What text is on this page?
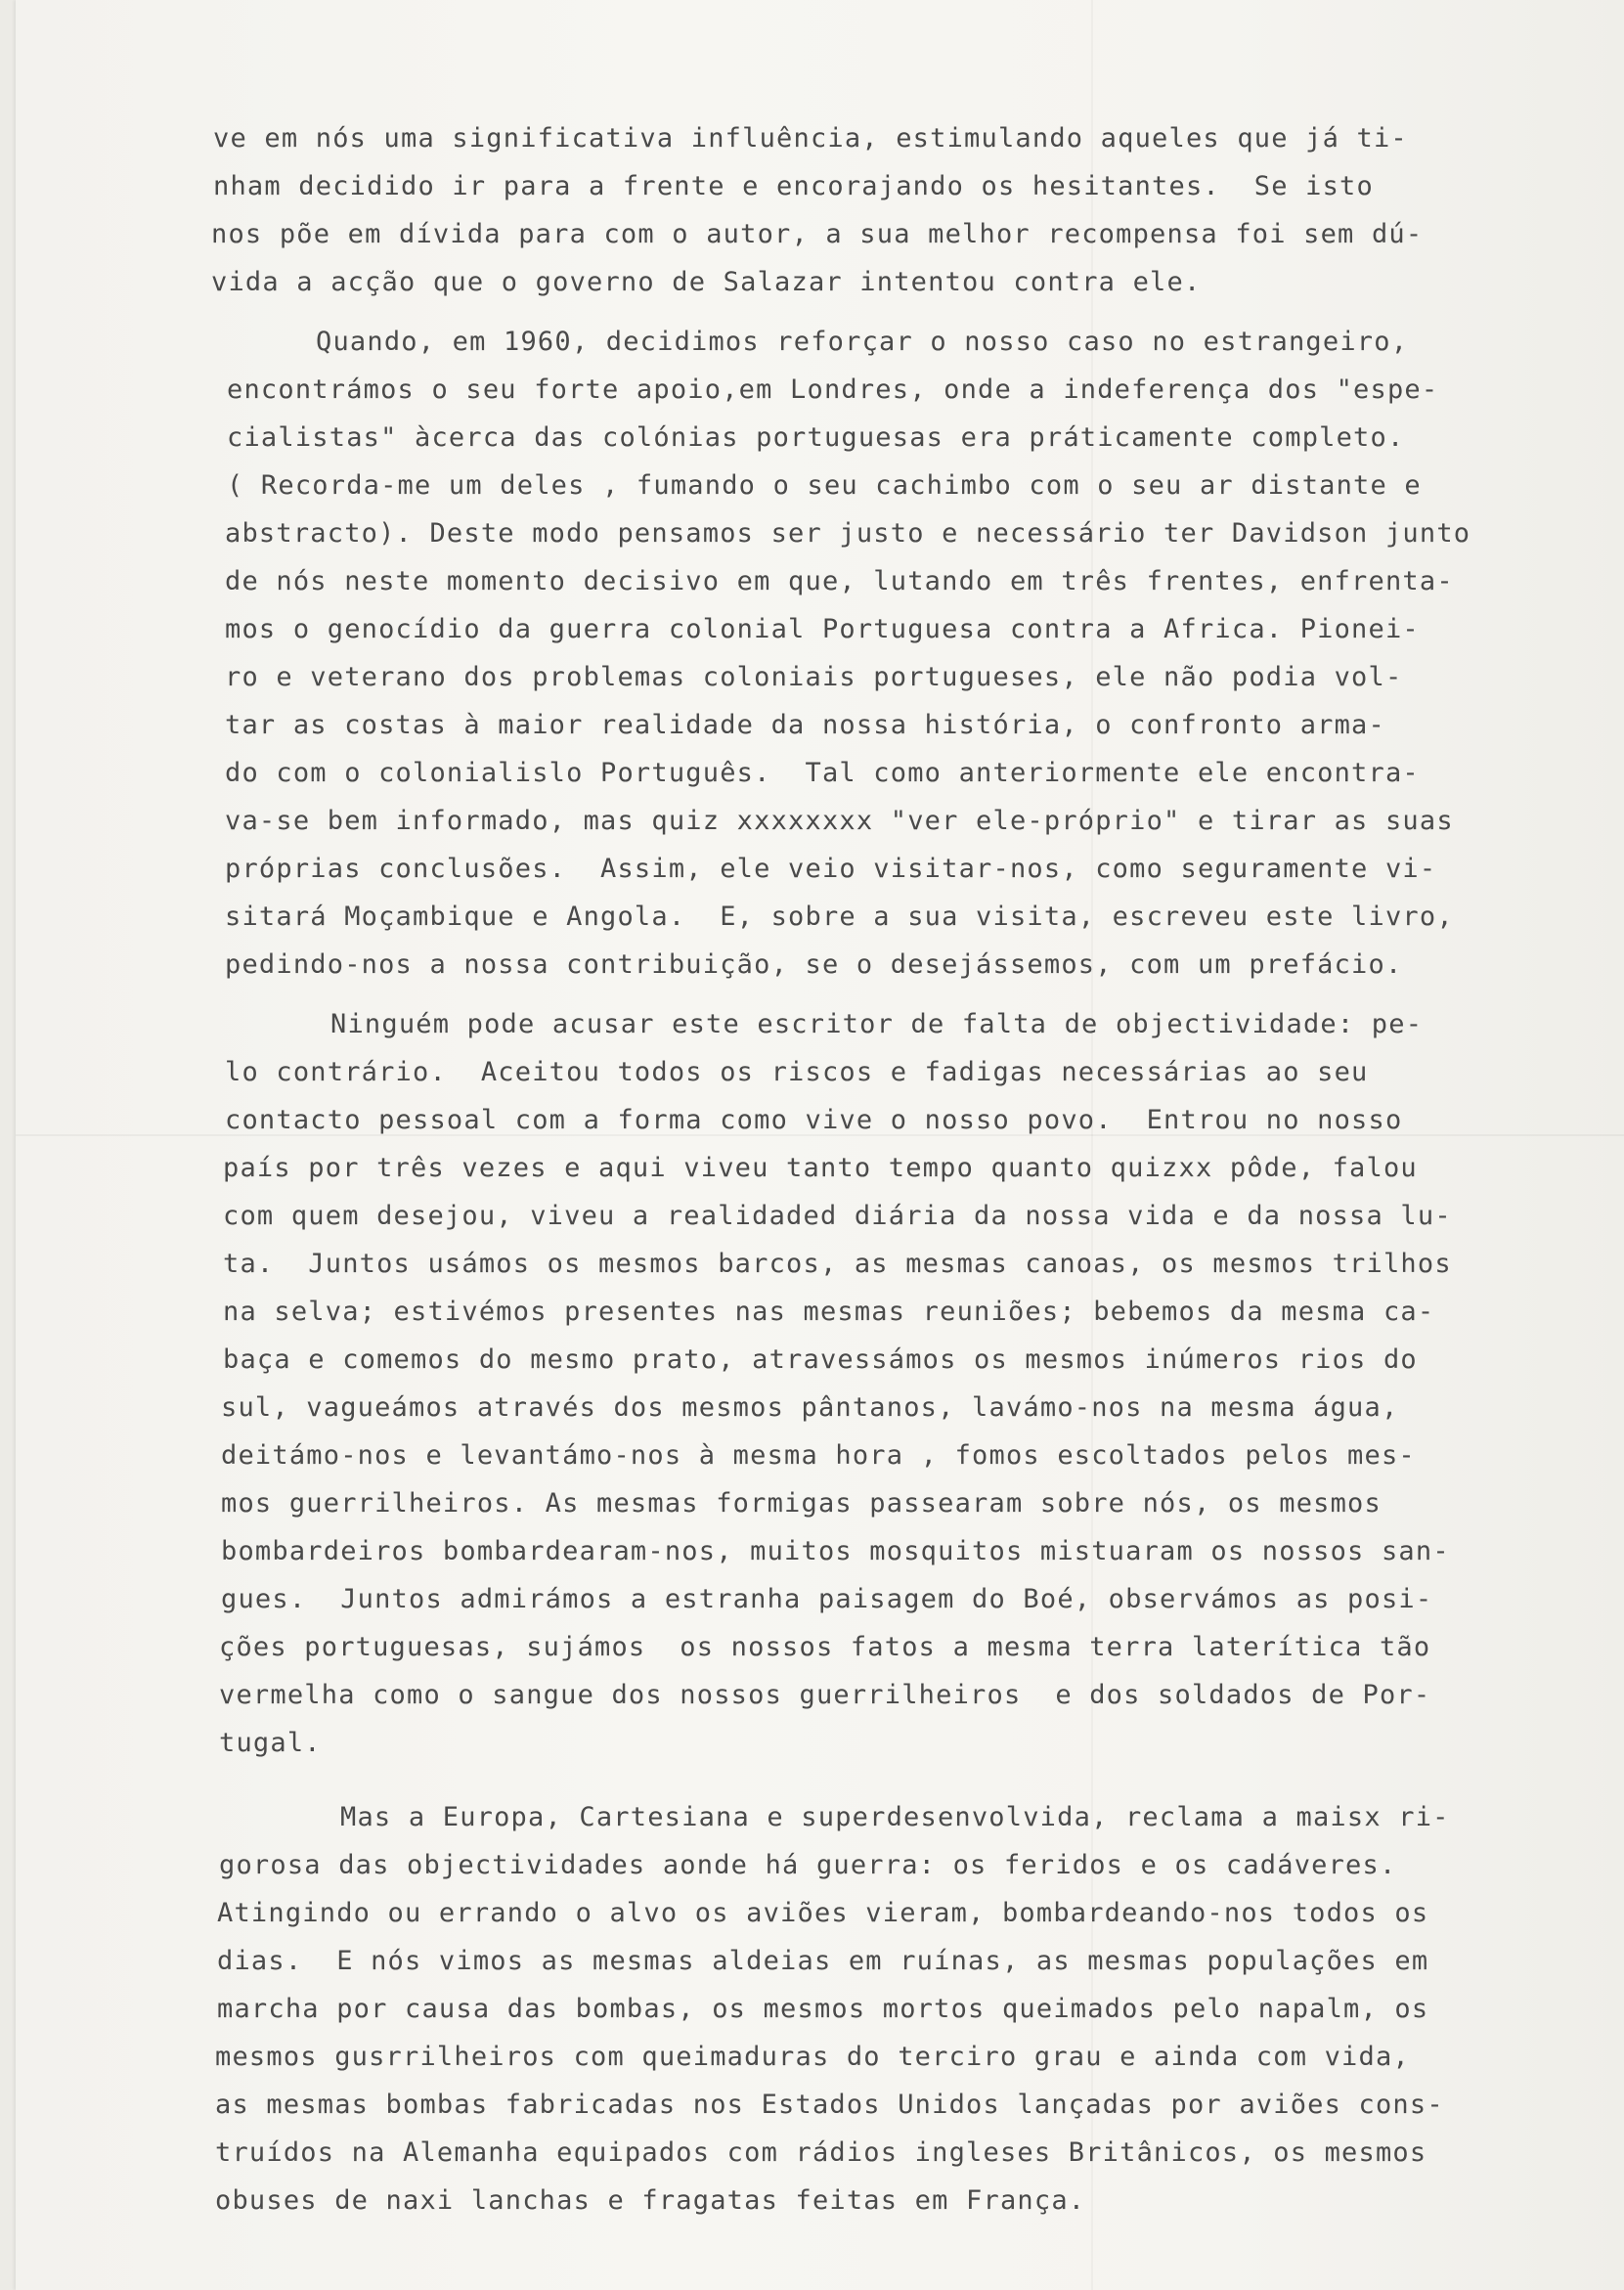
ve em nós uma significativa influência, estimulando aqueles que já ti-
nham decidido ir para a frente e encorajando os hesitantes.  Se isto
nos põe em dívida para com o autor, a sua melhor recompensa foi sem dú-
vida a acção que o governo de Salazar intentou contra ele.
Quando, em 1960, decidimos reforçar o nosso caso no estrangeiro,
encontrámos o seu forte apoio,em Londres, onde a indeferença dos "espe-
cialistas" àcerca das colónias portuguesas era práticamente completo.
( Recorda-me um deles , fumando o seu cachimbo com o seu ar distante e
abstracto). Deste modo pensamos ser justo e necessário ter Davidson junto
de nós neste momento decisivo em que, lutando em três frentes, enfrenta-
mos o genocídio da guerra colonial Portuguesa contra a Africa. Pionei-
ro e veterano dos problemas coloniais portugueses, ele não podia vol-
tar as costas à maior realidade da nossa história, o confronto arma-
do com o colonialislo Português.  Tal como anteriormente ele encontra-
va-se bem informado, mas quiz xxxxxxxx "ver ele-próprio" e tirar as suas
próprias conclusões.  Assim, ele veio visitar-nos, como seguramente vi-
sitará Moçambique e Angola.  E, sobre a sua visita, escreveu este livro,
pedindo-nos a nossa contribuição, se o desejássemos, com um prefácio.
Ninguém pode acusar este escritor de falta de objectividade: pe-
lo contrário.  Aceitou todos os riscos e fadigas necessárias ao seu
contacto pessoal com a forma como vive o nosso povo.  Entrou no nosso
país por três vezes e aqui viveu tanto tempo quanto quizxx pôde, falou
com quem desejou, viveu a realidaded diária da nossa vida e da nossa lu-
ta.  Juntos usámos os mesmos barcos, as mesmas canoas, os mesmos trilhos
na selva; estivémos presentes nas mesmas reuniões; bebemos da mesma ca-
baça e comemos do mesmo prato, atravessámos os mesmos inúmeros rios do
sul, vagueámos através dos mesmos pântanos, lavámo-nos na mesma água,
deitámo-nos e levantámo-nos à mesma hora , fomos escoltados pelos mes-
mos guerrilheiros. As mesmas formigas passearam sobre nós, os mesmos
bombardeiros bombardearam-nos, muitos mosquitos mistuaram os nossos san-
gues.  Juntos admirámos a estranha paisagem do Boé, observámos as posi-
ções portuguesas, sujámos  os nossos fatos a mesma terra laterítica tão
vermelha como o sangue dos nossos guerrilheiros  e dos soldados de Por-
tugal.
Mas a Europa, Cartesiana e superdesenvolvida, reclama a maisx ri-
gorosa das objectividades aonde há guerra: os feridos e os cadáveres.
Atingindo ou errando o alvo os aviões vieram, bombardeando-nos todos os
dias.  E nós vimos as mesmas aldeias em ruínas, as mesmas populações em
marcha por causa das bombas, os mesmos mortos queimados pelo napalm, os
mesmos gusrrilheiros com queimaduras do terciro grau e ainda com vida,
as mesmas bombas fabricadas nos Estados Unidos lançadas por aviões cons-
truídos na Alemanha equipados com rádios ingleses Britânicos, os mesmos
obuses de naxi lanchas e fragatas feitas em França.
